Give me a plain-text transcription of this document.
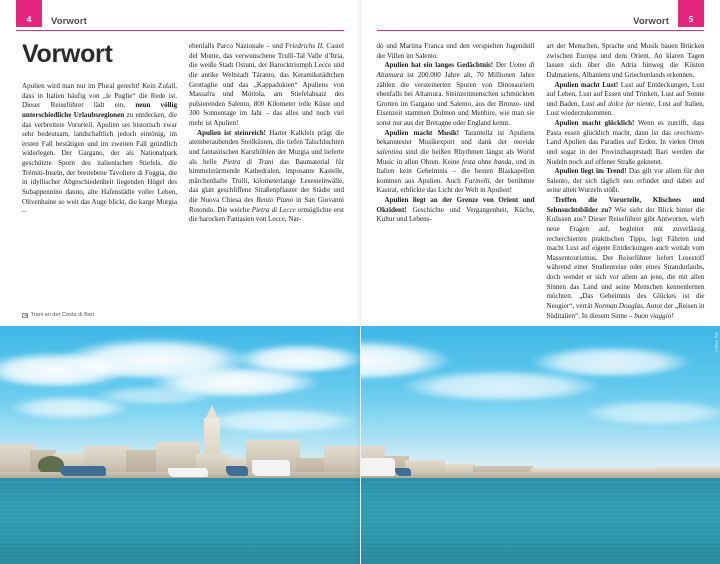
4	Vorwort
Vorwort

Apulien wird man nur im Plural gerecht! Kein Zufall, dass in Italien häufig von „le Puglie“ die Rede ist. Dieser Reiseführer lädt ein, neun völlig unterschiedliche Urlaubsregionen zu entdecken, die das verbreitete Vorurteil, Apulien sei historisch zwar sehr bedeutsam, landschaftlich jedoch eintönig, im ersten Fall bestätigen und im zweiten Fall gründlich widerlegen. Der Gargano, der als Nationalpark geschützte Sporn des italienischen Stiefels, die Trémiti-Inseln, der brettebene Tavoliere di Foggia, die in idyllischer Abgeschiedenheit liegenden Hügel des Subappennino dauno, alte Hafenstädte voller Leben, Olivenhaine so weit das Auge blickt, die karge Murgia –

ebenfalls Parco Nazionale – und Friedrichs II. Castel del Monte, das verwunschene Trulli-Tal Valle d’Itria, die weiße Stadt Ostuni, der Barocktriumph Lecce und die antike Weltstadt Táranto, das Keramikstädtchen Grottaglie und das „Kappadokien“ Apuliens von Massafra und Móttola, am Stiefelabsatz des pulsierenden Salento, 800 Kilometer tolle Küste und 300 Sonnentage im Jahr – das alles und noch viel mehr ist Apulien!

Apulien ist steinreich! Harter Kalkfels prägt die atemberaubenden Steilküsten, die tiefen Talschluchten und fantastischen Karsthöhlen der Murgia und lieferte als helle Pietra di Trani das Baumaterial für himmelstürmende Kathedralen, imposante Kastelle, märchenhafte Trulli, kilometerlange Lesesteinwälle, das glatt geschliffene Straßenpflaster der Städte und die Nuova Chiesa des Renzo Piano in San Giovanni Rotondo. Die weiche Pietra di Lecce ermöglichte erst die barocken Fantasien von Lecce, Nar-

Trani an der Costa di Bari
5
Vorwort

dò und Martina Franca und den verspielten Jugendstil der Villen im Salento.

Apulien hat ein langes Gedächtnis! Der Uomo di Altamura ist 200.000 Jahre alt, 70 Millionen Jahre zählen die versteinerten Spuren von Dinosauriern ebenfalls bei Altamura. Steinzeitmenschen schmückten Grotten im Gargano und Salento, aus der Bronze- und Eisenzeit stammen Dolmen und Menhire, wie man sie sonst nur aus der Bretagne oder England kennt.

Apulien macht Musik! Tarantella ist Apuliens bekanntester Musikexport und dank der movida salentina sind die heißen Rhythmen längst als World Music in allen Ohren. Keine festa ohne banda, und in Italien kein Geheimnis – die besten Blaskapellen kommen aus Apulien. Auch Farinelli, der berühmte Kastrat, erblickte das Licht der Welt in Apulien!

Apulien liegt an der Grenze von Orient und Okzident! Geschichte und Vergangenheit, Küche, Kultur und Lebens-

art der Menschen, Sprache und Musik bauen Brücken zwischen Europa und dem Orient. An klaren Tagen lassen sich über die Adria hinweg die Küsten Dalmatiens, Albaniens und Griechenlands erkennen.

Apulien macht Lust! Lust auf Entdeckungen, Lust auf Leben, Lust auf Essen und Trinken, Lust auf Sonne und Baden, Lust auf dolce far niente, Lust auf Italien, Lust wiederzukommen.

Apulien macht glücklich! Wenn es zutrifft, dass Pasta essen glücklich macht, dann ist das orechiette-Land Apulien das Paradies auf Erden. In vielen Orten und sogar in der Provinzhauptstadt Bari werden die Nudeln noch auf offener Straße geknetet.

Apulien liegt im Trend! Das gilt vor allem für den Salento, der sich täglich neu erfindet und dabei auf seine alten Wurzeln stößt.

Treffen die Vorurteile, Klischees und Sehnsuchtsbilder zu? Wie sieht der Blick hinter die Kulissen aus? Dieser Reiseführer gibt Antworten, wirft neue Fragen auf, begleitet mit zuverlässig recherchierten praktischen Tipps, legt Fährten und macht Lust auf eigene Entdeckungen auch weitab vom Massentourismus. Der Reiseführer liefert Lesestoff während einer Studienreise oder eines Strandurlaubs, doch wendet er sich vor allem an jene, die mit allen Sinnen das Land und seine Menschen kennenlernen möchten. „Das Geheimnis des Glückes ist die Neugier“, verrät Norman Douglas, Autor der „Reisen in Süditalien“. In diesem Sinne – buon viaggio!

akg-images
